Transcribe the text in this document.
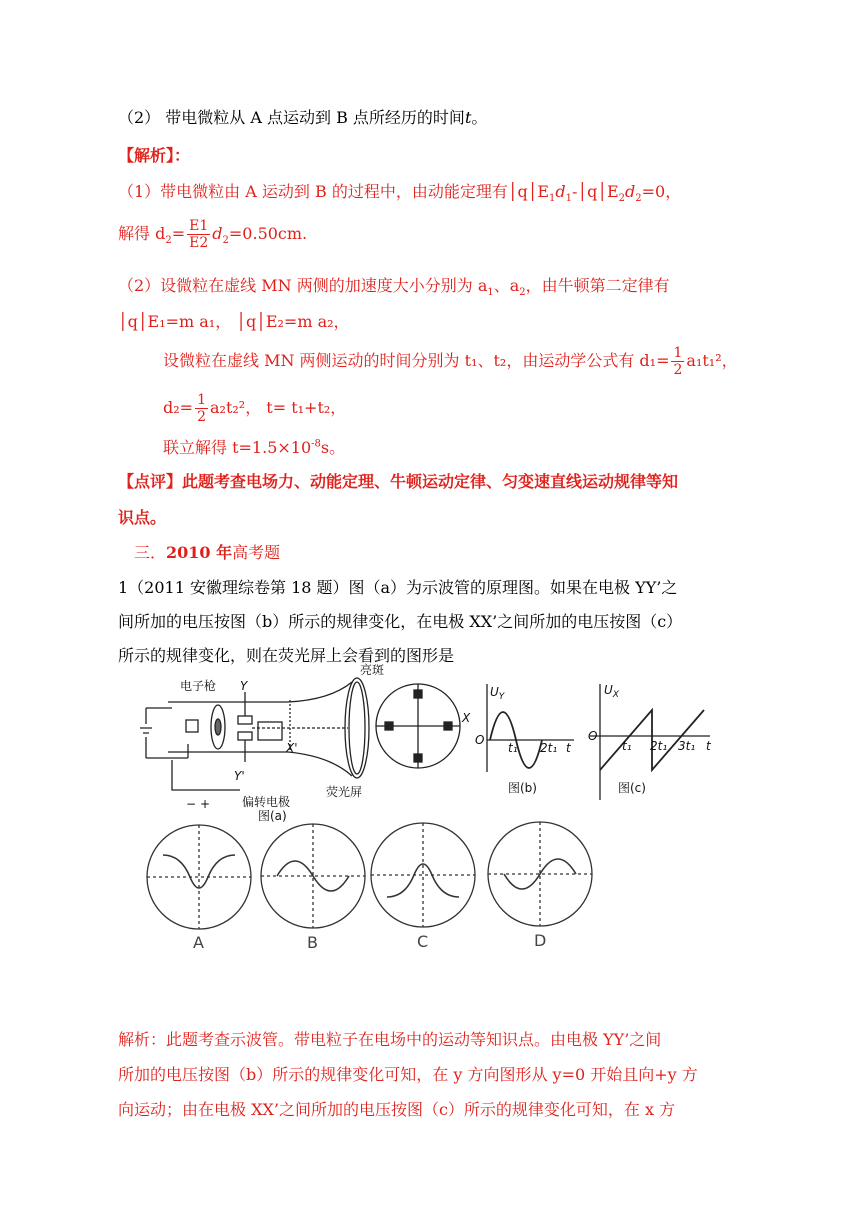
（2） 带电微粒从 A 点运动到 B 点所经历的时间t。
【解析】：
（1）带电微粒由 A 运动到 B 的过程中，由动能定理有$│q│E_1d_1-│q│E_2d_2=0$，
解得 $d_2= \frac{E1}{E2} d_2=0.50cm$.
（2）设微粒在虚线 MN 两侧的加速度大小分别为 $a_1$、$a_2$，由牛顿第二定律有
│q│E₁=m a₁， │q│E₂=m a₂，
设微粒在虚线 MN 两侧运动的时间分别为 t₁、t₂，由运动学公式有 $d_1= \frac{1}{2} a_1t_1^2$，
$d_2= \frac{1}{2} a_2t_2^2$， t= t₁+t₂，
联立解得 $t=1.5\times 10^{-8}s$。
【点评】此题考查电场力、动能定理、牛顿运动定律、匀变速直线运动规律等知
识点。
三．2010 年高考题
1（2011 安徽理综卷第 18 题）图（a）为示波管的原理图。如果在电极 YY’之
间所加的电压按图（b）所示的规律变化，在电极 XX’之间所加的电压按图（c）
所示的规律变化，则在荧光屏上会看到的图形是
电子枪
亮斑
荧光屏
偏转电极
图(a)
Y
Y'
X'
X
− +
$U_Y$
O
t₁ 2t₁ t
图(b)
$U_X$
O
t₁ 2t₁ 3t₁ t
图(c)
A	B	C	D
解析：此题考查示波管。带电粒子在电场中的运动等知识点。由电极 YY’之间
所加的电压按图（b）所示的规律变化可知，在 y 方向图形从 y=0 开始且向+y 方
向运动；由在电极 XX’之间所加的电压按图（c）所示的规律变化可知，在 x 方
